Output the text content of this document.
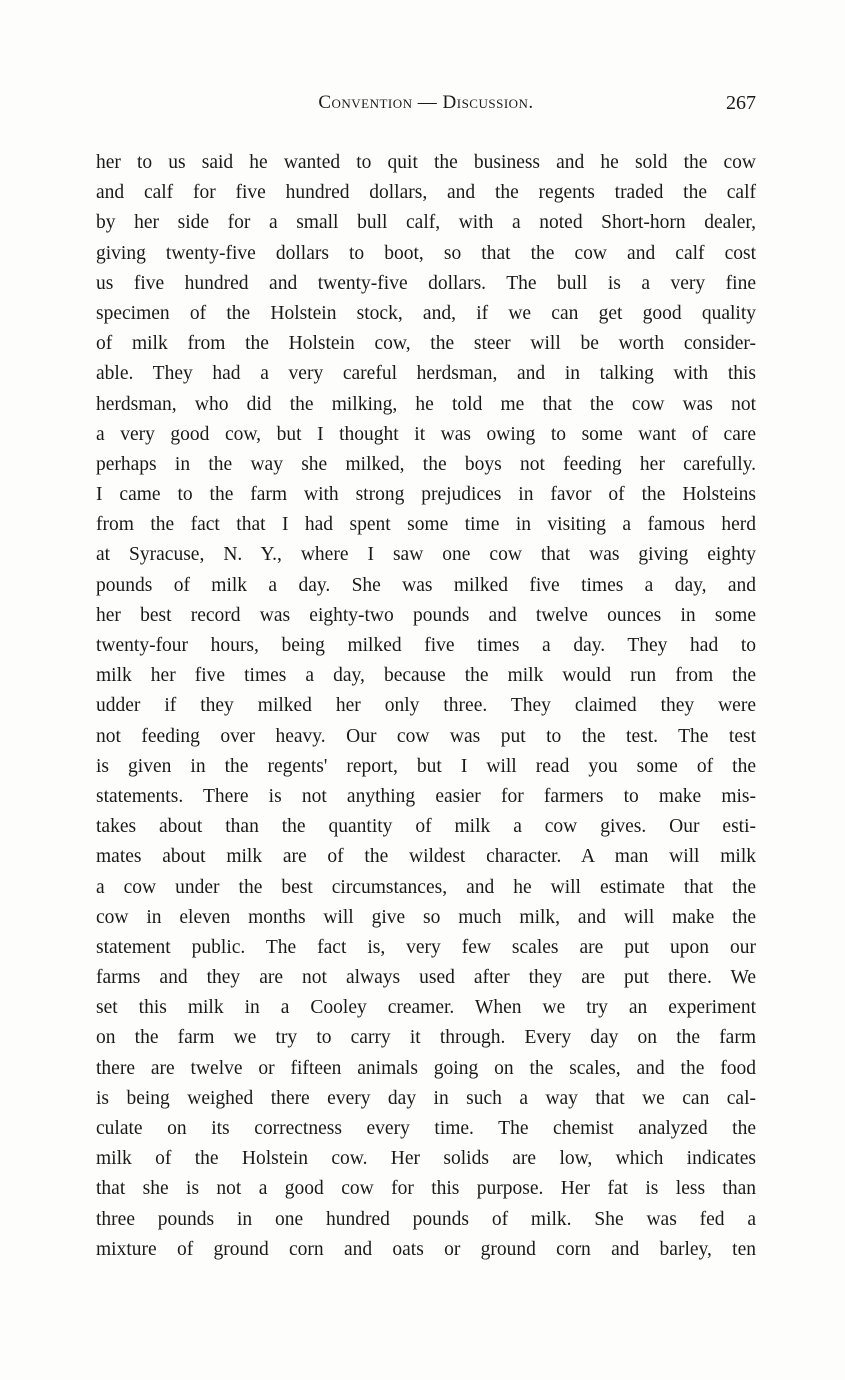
Convention — Discussion.	267
her to us said he wanted to quit the business and he sold the cow
and calf for five hundred dollars, and the regents traded the calf
by her side for a small bull calf, with a noted Short-horn dealer,
giving twenty-five dollars to boot, so that the cow and calf cost
us five hundred and twenty-five dollars. The bull is a very fine
specimen of the Holstein stock, and, if we can get good quality
of milk from the Holstein cow, the steer will be worth consider-
able. They had a very careful herdsman, and in talking with this
herdsman, who did the milking, he told me that the cow was not
a very good cow, but I thought it was owing to some want of care
perhaps in the way she milked, the boys not feeding her carefully.
I came to the farm with strong prejudices in favor of the Holsteins
from the fact that I had spent some time in visiting a famous herd
at Syracuse, N. Y., where I saw one cow that was giving eighty
pounds of milk a day. She was milked five times a day, and
her best record was eighty-two pounds and twelve ounces in some
twenty-four hours, being milked five times a day. They had to
milk her five times a day, because the milk would run from the
udder if they milked her only three. They claimed they were
not feeding over heavy. Our cow was put to the test. The test
is given in the regents' report, but I will read you some of the
statements. There is not anything easier for farmers to make mis-
takes about than the quantity of milk a cow gives. Our esti-
mates about milk are of the wildest character. A man will milk
a cow under the best circumstances, and he will estimate that the
cow in eleven months will give so much milk, and will make the
statement public. The fact is, very few scales are put upon our
farms and they are not always used after they are put there. We
set this milk in a Cooley creamer. When we try an experiment
on the farm we try to carry it through. Every day on the farm
there are twelve or fifteen animals going on the scales, and the food
is being weighed there every day in such a way that we can cal-
culate on its correctness every time. The chemist analyzed the
milk of the Holstein cow. Her solids are low, which indicates
that she is not a good cow for this purpose. Her fat is less than
three pounds in one hundred pounds of milk. She was fed a
mixture of ground corn and oats or ground corn and barley, ten
